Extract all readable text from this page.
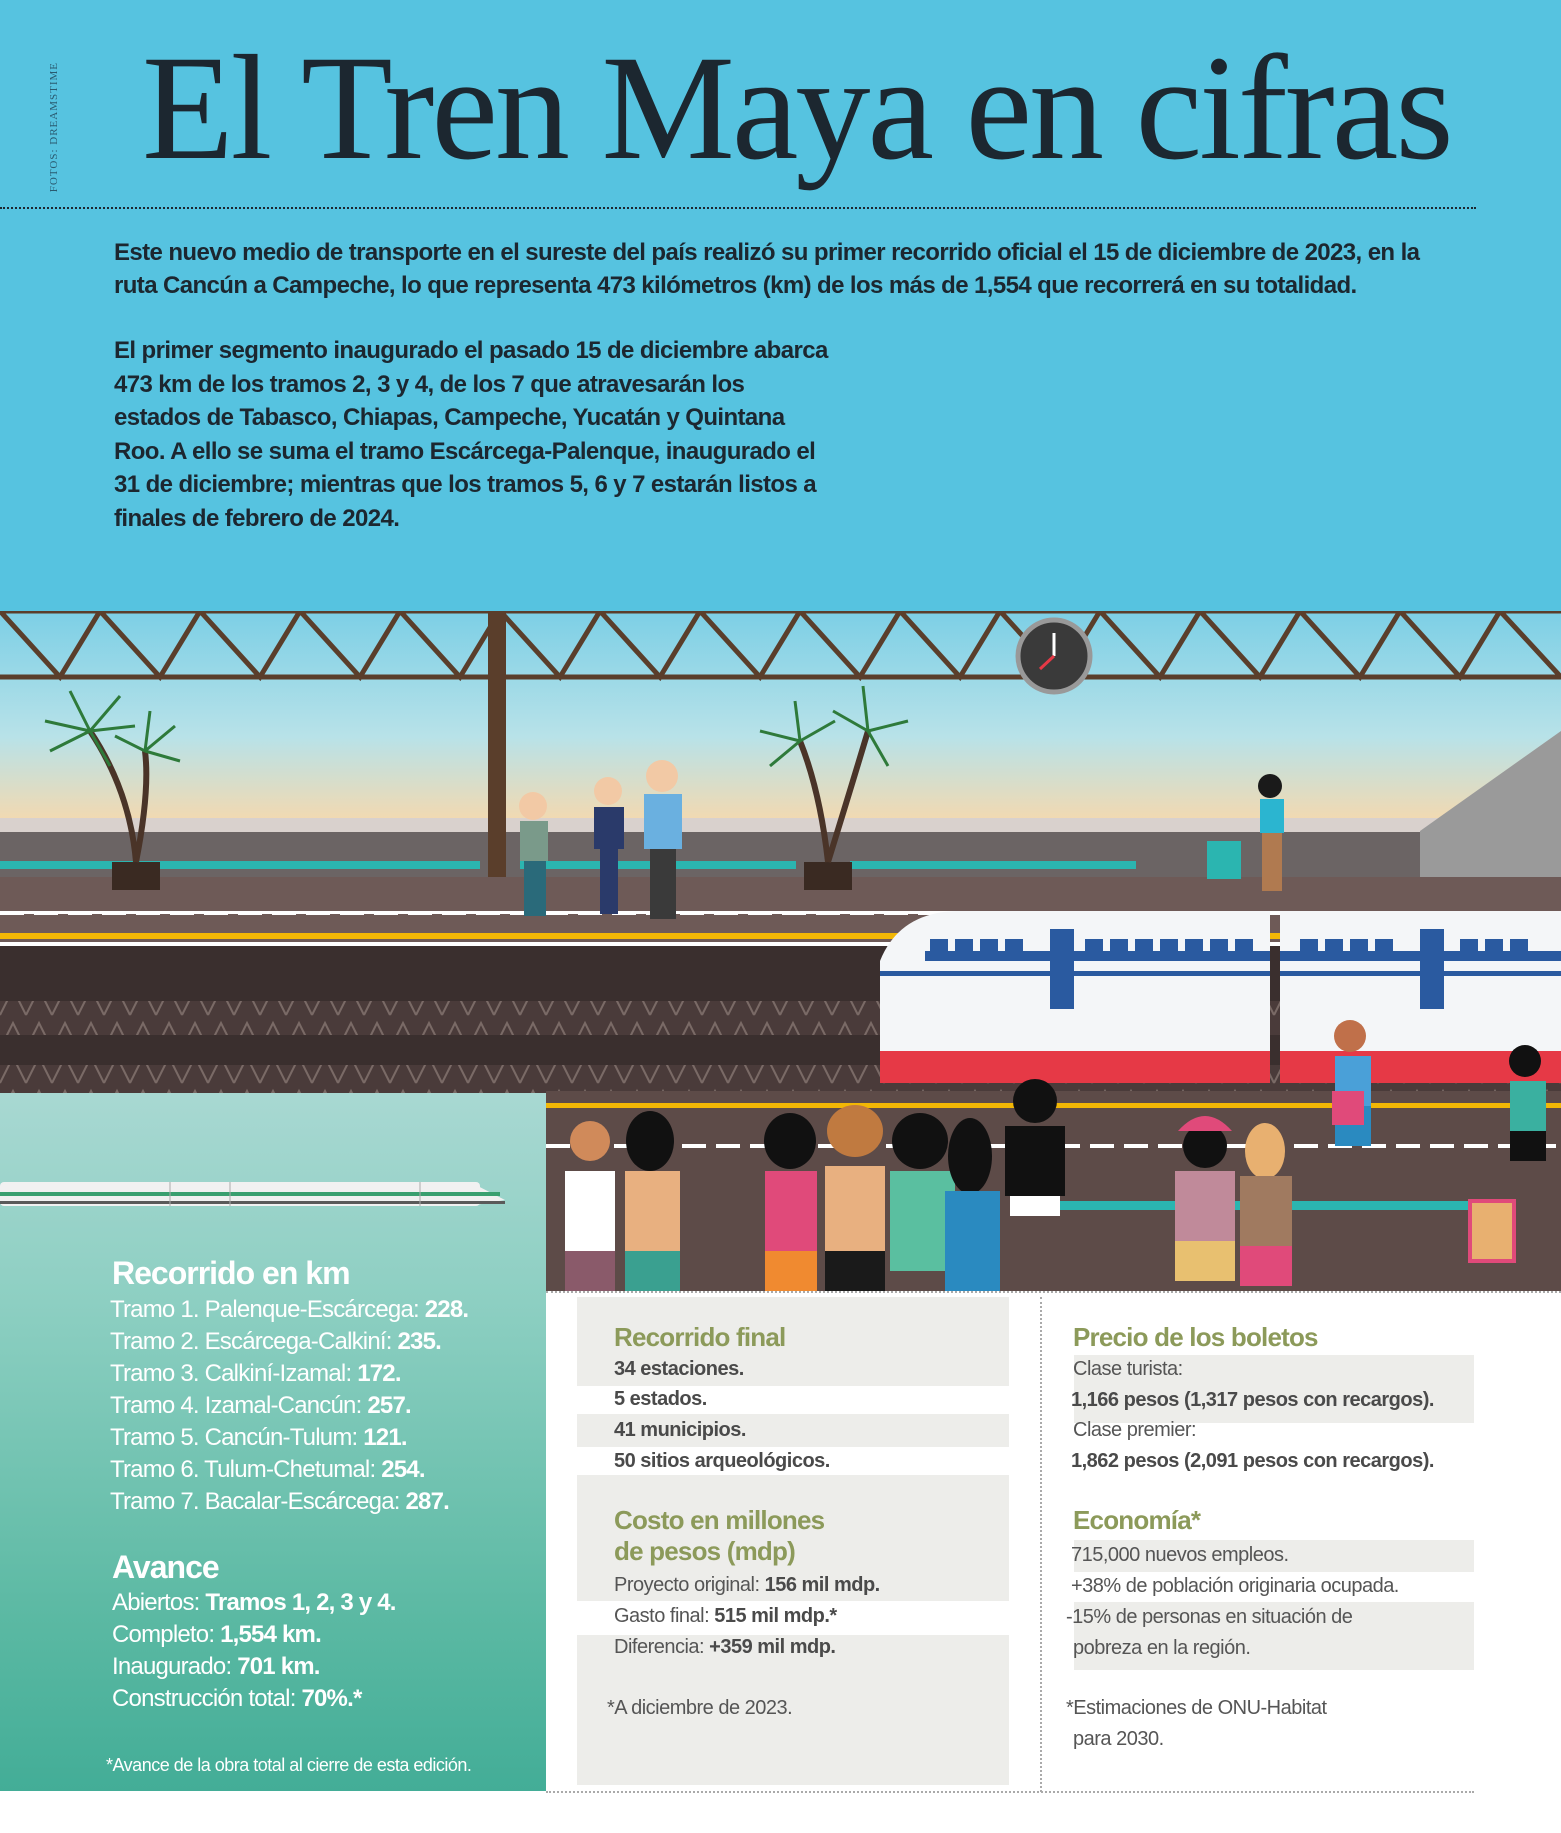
FOTOS: DREAMSTIME El Tren Maya en cifras

Este nuevo medio de transporte en el sureste del país realizó su primer recorrido oficial el 15 de diciembre de 2023, en la ruta Cancún a Campeche, lo que representa 473 kilómetros (km) de los más de 1,554 que recorrerá en su totalidad.

El primer segmento inaugurado el pasado 15 de diciembre abarca 473 km de los tramos 2, 3 y 4, de los 7 que atravesarán los estados de Tabasco, Chiapas, Campeche, Yucatán y Quintana Roo. A ello se suma el tramo Escárcega-Palenque, inaugurado el 31 de diciembre; mientras que los tramos 5, 6 y 7 estarán listos a finales de febrero de 2024.
Recorrido en km
Tramo 1. Palenque-Escárcega: 228.
Tramo 2. Escárcega-Calkiní: 235.
Tramo 3. Calkiní-Izamal: 172.
Tramo 4. Izamal-Cancún: 257.
Tramo 5. Cancún-Tulum: 121.
Tramo 6. Tulum-Chetumal: 254.
Tramo 7. Bacalar-Escárcega: 287.
Avance
Abiertos: Tramos 1, 2, 3 y 4.
Completo: 1,554 km.
Inaugurado: 701 km.
Construcción total: 70%.*
*Avance de la obra total al cierre de esta edición.
Recorrido final
34 estaciones.
5 estados.
41 municipios.
50 sitios arqueológicos.
Costo en millones
de pesos (mdp)
Proyecto original: 156 mil mdp.
Gasto final: 515 mil mdp.*
Diferencia: +359 mil mdp.
*A diciembre de 2023.
Precio de los boletos
Clase turista:
1,166 pesos (1,317 pesos con recargos).
Clase premier:
1,862 pesos (2,091 pesos con recargos).
Economía*
715,000 nuevos empleos.
+38% de población originaria ocupada.
-15% de personas en situación de
pobreza en la región.
*Estimaciones de ONU-Habitat
para 2030.
